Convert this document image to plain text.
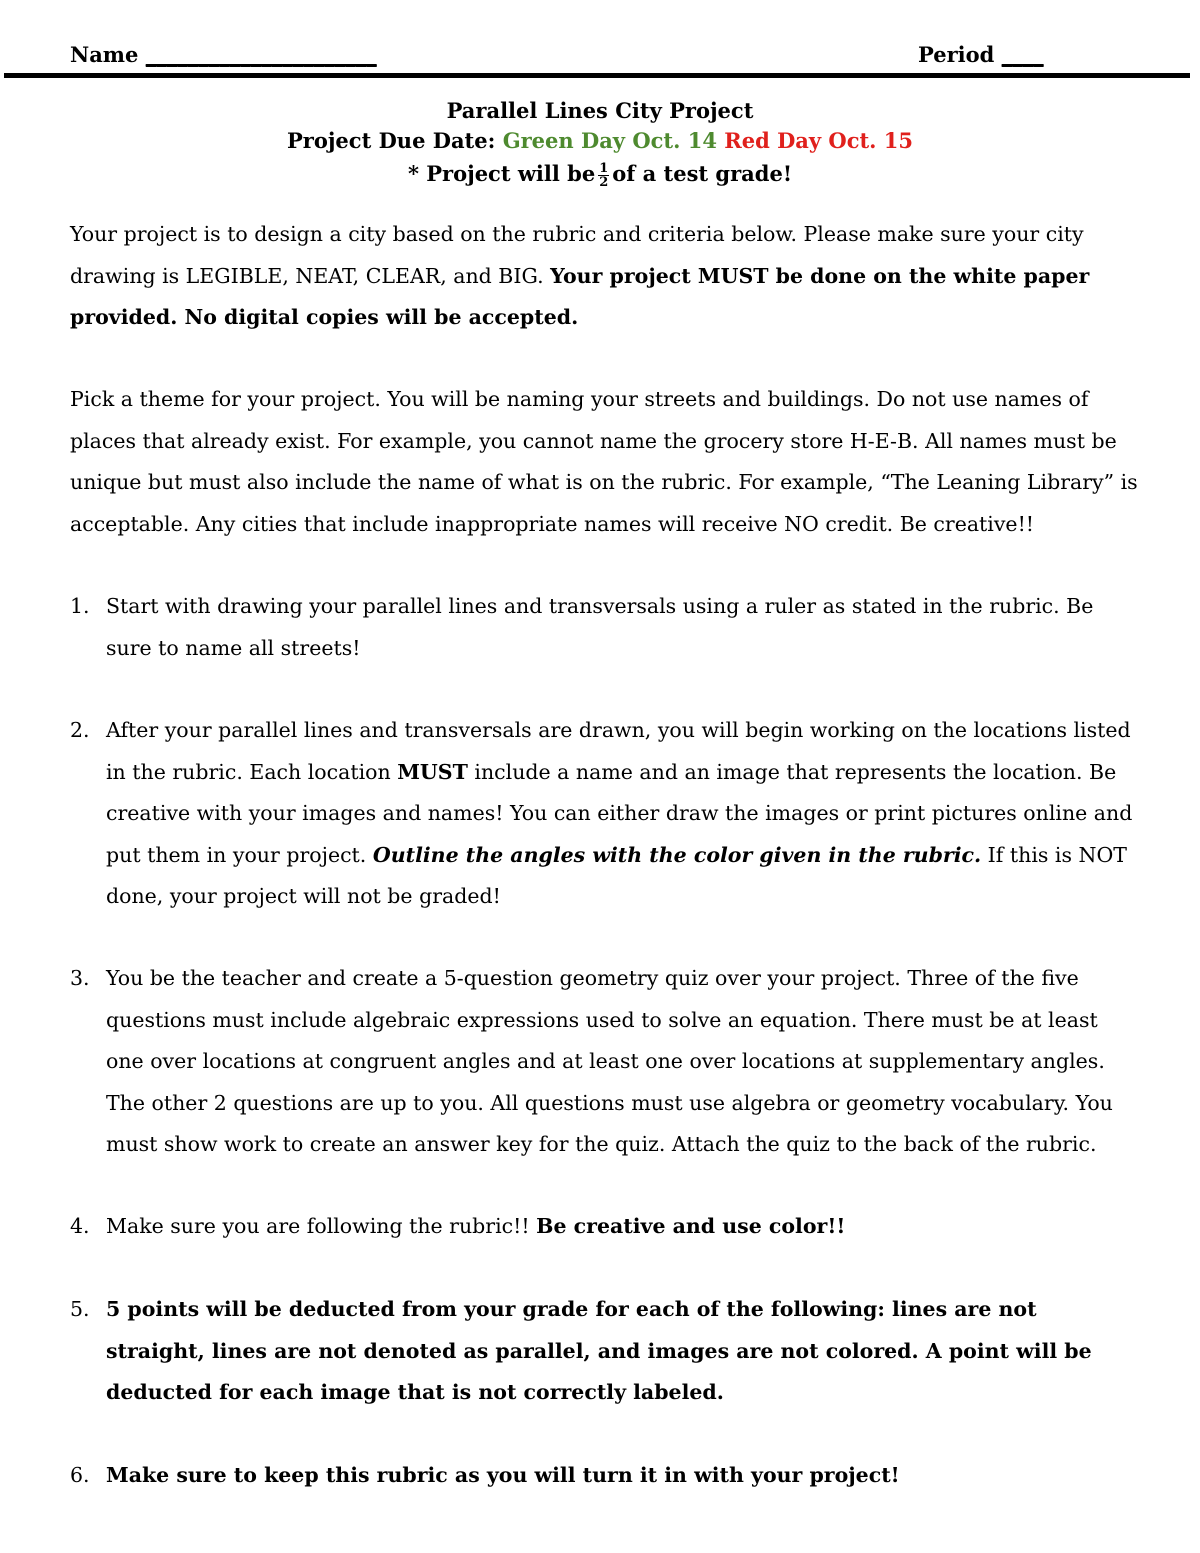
Name ______________________	Period ____
Parallel Lines City Project
Project Due Date: Green Day Oct. 14 Red Day Oct. 15
* Project will be $\frac{1}{2}$ of a test grade!
Your project is to design a city based on the rubric and criteria below. Please make sure your city drawing is LEGIBLE, NEAT, CLEAR, and BIG. Your project MUST be done on the white paper provided. No digital copies will be accepted.
Pick a theme for your project. You will be naming your streets and buildings. Do not use names of places that already exist. For example, you cannot name the grocery store H-E-B. All names must be unique but must also include the name of what is on the rubric. For example, “The Leaning Library” is acceptable. Any cities that include inappropriate names will receive NO credit. Be creative!!
1. Start with drawing your parallel lines and transversals using a ruler as stated in the rubric. Be sure to name all streets!
2. After your parallel lines and transversals are drawn, you will begin working on the locations listed in the rubric. Each location MUST include a name and an image that represents the location. Be creative with your images and names! You can either draw the images or print pictures online and put them in your project. Outline the angles with the color given in the rubric. If this is NOT done, your project will not be graded!
3. You be the teacher and create a 5-question geometry quiz over your project. Three of the five questions must include algebraic expressions used to solve an equation. There must be at least one over locations at congruent angles and at least one over locations at supplementary angles. The other 2 questions are up to you. All questions must use algebra or geometry vocabulary. You must show work to create an answer key for the quiz. Attach the quiz to the back of the rubric.
4. Make sure you are following the rubric!! Be creative and use color!!
5. 5 points will be deducted from your grade for each of the following: lines are not straight, lines are not denoted as parallel, and images are not colored. A point will be deducted for each image that is not correctly labeled.
6. Make sure to keep this rubric as you will turn it in with your project!
